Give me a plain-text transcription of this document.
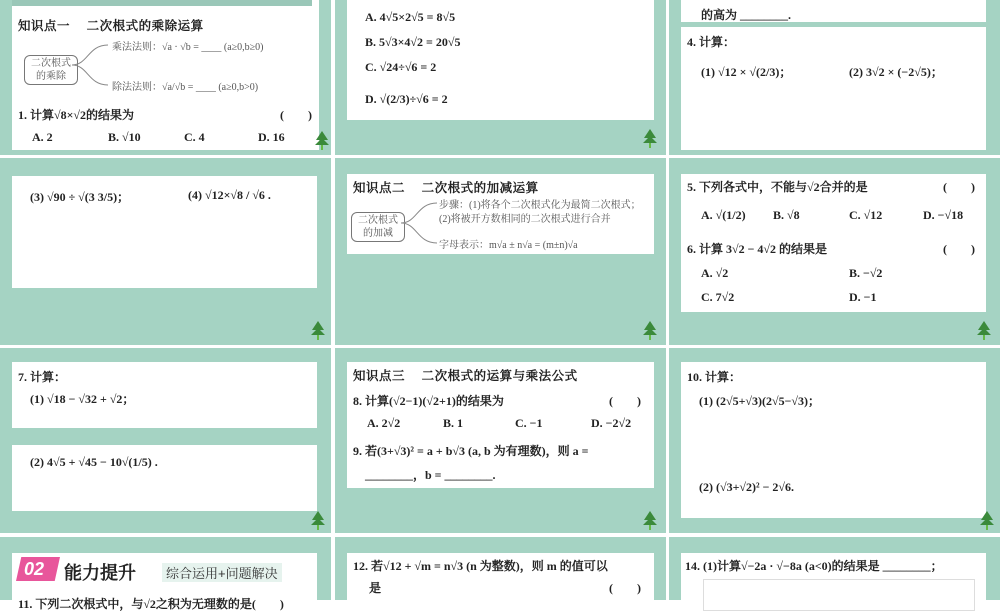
知识点一　 二次根式的乘除运算
二次根式的乘除
乘法法则：√a · √b = ____ (a≥0,b≥0)
除法法则：√a/√b = ____ (a≥0,b>0)
1. 计算√8×√2的结果为	(　　)
A. 2	B. √10	C. 4	D. 16
A. 4√5×2√5 = 8√5
B. 5√3×4√2 = 20√5
C. √24÷√6 = 2
D. √(2/3)÷√6 = 2
的高为 ________.
4. 计算：
(1) √12 × √(2/3)；	(2) 3√2 × (−2√5)；
(3) √90 ÷ √(3 3/5)；	(4) √12×√8 / √6 .	知识点二　 二次根式的加减运算
二次根式的加减
步骤：(1)将各个二次根式化为最简二次根式；
(2)将被开方数相同的二次根式进行合并
字母表示：m√a ± n√a = (m±n)√a
5. 下列各式中，不能与√2合并的是	(　　)
A. √(1/2) B. √8	C. √12	D. −√18
6. 计算 3√2 − 4√2 的结果是	(　　)
A. √2	B. −√2
C. 7√2	D. −1
7. 计算：
(1) √18 − √32 + √2；
(2) 4√5 + √45 − 10√(1/5) .
知识点三　 二次根式的运算与乘法公式
8. 计算(√2−1)(√2+1)的结果为	(　　)
A. 2√2	B. 1	C. −1	D. −2√2
9. 若(3+√3)² = a + b√3 (a, b 为有理数)，则 a =
________，b = ________.
10. 计算：
(1) (2√5+√3)(2√5−√3)；
(2) (√3+√2)² − 2√6.
02 能力提升	综合运用+问题解决
11. 下列二次根式中，与√2之积为无理数的是(　　)
12. 若√12 + √m = n√3 (n 为整数)，则 m 的值可以
是	(　　)
14. (1)计算√−2a · √−8a (a<0)的结果是 ________；
